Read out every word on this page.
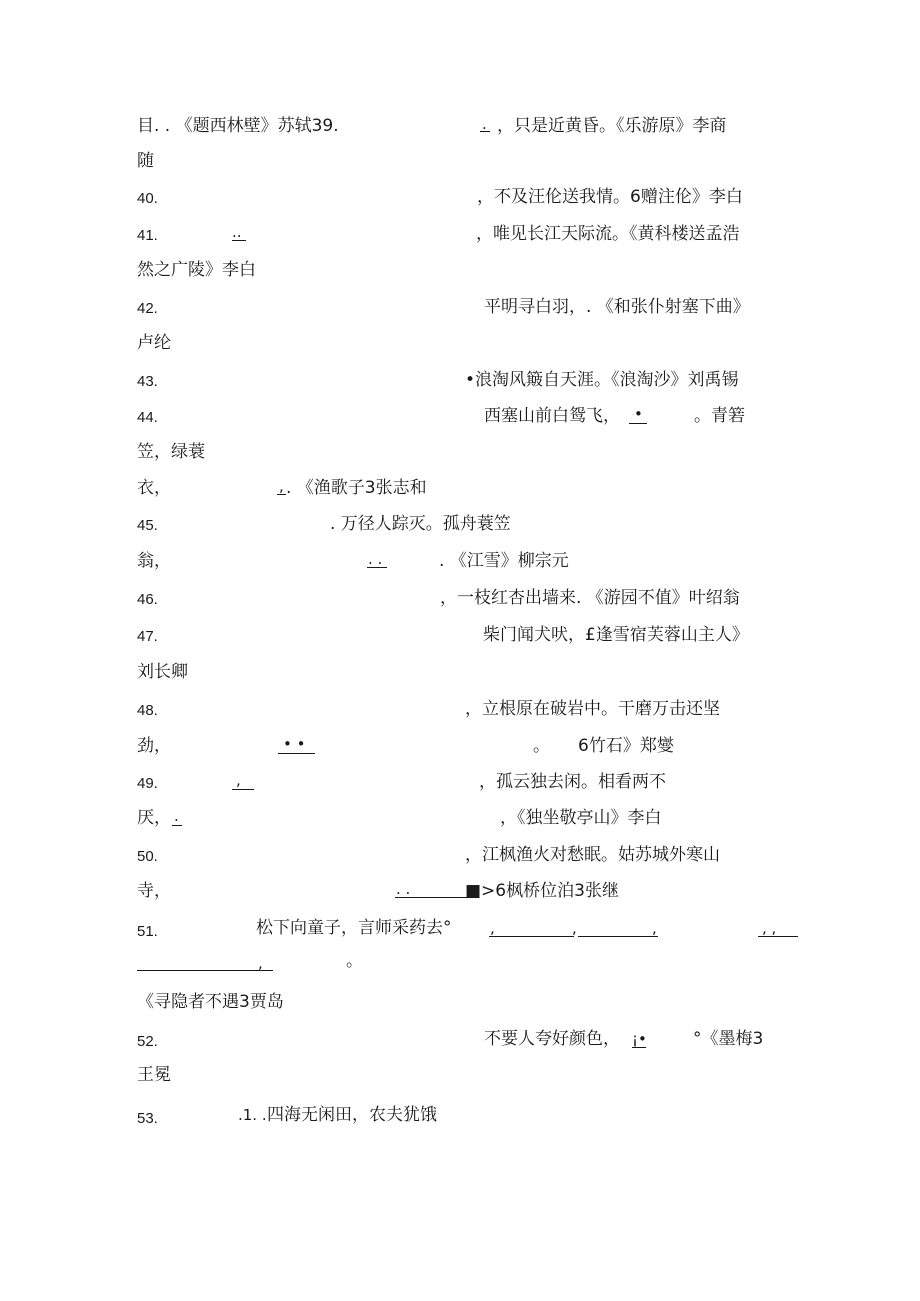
目. . 《题西林壁》苏轼39.	. ，只是近黄昏。《乐游原》李商
随
40.	，不及汪伦送我情。6赠注伦》李白
41.	..	，唯见长江天际流。《黄科楼送孟浩
然之广陵》李白
42.	平明寻白羽，. 《和张仆射塞下曲》
卢纶
43.	•浪淘风簸自天涯。《浪淘沙》刘禹锡
44.	西塞山前白鸳飞， •	。青箬
笠，绿蓑
衣，	, . 《渔歌子3张志和
45.	. 万径人踪灭。孤舟蓑笠
翁，	. .	. 《江雪》柳宗元
46.	，一枝红杏出墙来. 《游园不值》叶绍翁
47.	柴门闻犬吠，£逢雪宿芙蓉山主人》
刘长卿
48.	，立根原在破岩中。干磨万击还坚
劲，	• •	。 6竹石》郑燮
49.	,	，孤云独去闲。相看两不
厌， .	，《独坐敬亭山》李白
50.	，江枫渔火对愁眠。姑苏城外寒山
寺，	. .	■>6枫桥位泊3张继
51.	松下向童子，言师采药去°	,	,	,	, ,
,	。
《寻隐者不遇3贾岛
52.	不要人夸好颜色， ¡•	°《墨梅3
王冕
53.	.1. . 四海无闲田，农夫犹饿
